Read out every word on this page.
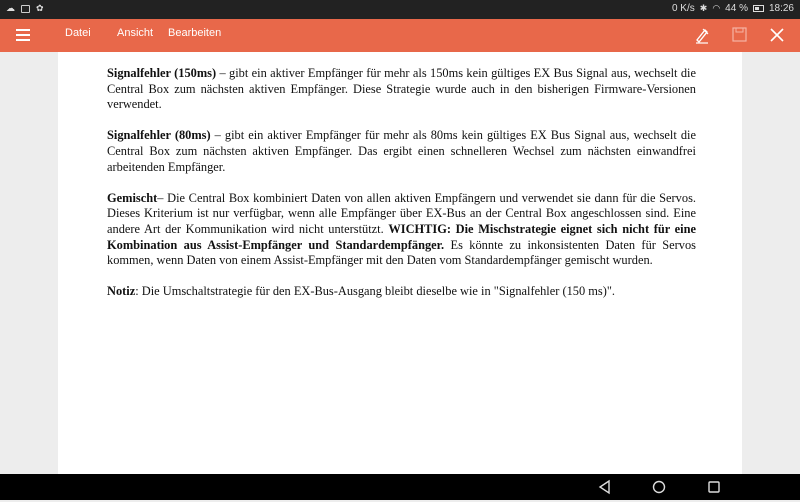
☁ ✿	0 K/s ✱ ◠ 44 % 18:26
Datei Ansicht Bearbeiten

Signalfehler (150ms) – gibt ein aktiver Empfänger für mehr als 150ms kein gültiges EX Bus Signal aus, wechselt die Central Box zum nächsten aktiven Empfänger. Diese Strategie wurde auch in den bisherigen Firmware-Versionen verwendet.

Signalfehler (80ms) – gibt ein aktiver Empfänger für mehr als 80ms kein gültiges EX Bus Signal aus, wechselt die Central Box zum nächsten aktiven Empfänger. Das ergibt einen schnelleren Wechsel zum nächsten einwandfrei arbeitenden Empfänger.

Gemischt– Die Central Box kombiniert Daten von allen aktiven Empfängern und verwendet sie dann für die Servos. Dieses Kriterium ist nur verfügbar, wenn alle Empfänger über EX-Bus an der Central Box angeschlossen sind. Eine andere Art der Kommunikation wird nicht unterstützt. WICHTIG: Die Mischstrategie eignet sich nicht für eine Kombination aus Assist-Empfänger und Standardempfänger. Es könnte zu inkonsistenten Daten für Servos kommen, wenn Daten von einem Assist-Empfänger mit den Daten vom Standardempfänger gemischt wurden.

Notiz: Die Umschaltstrategie für den EX-Bus-Ausgang bleibt dieselbe wie in "Signalfehler (150 ms)".
